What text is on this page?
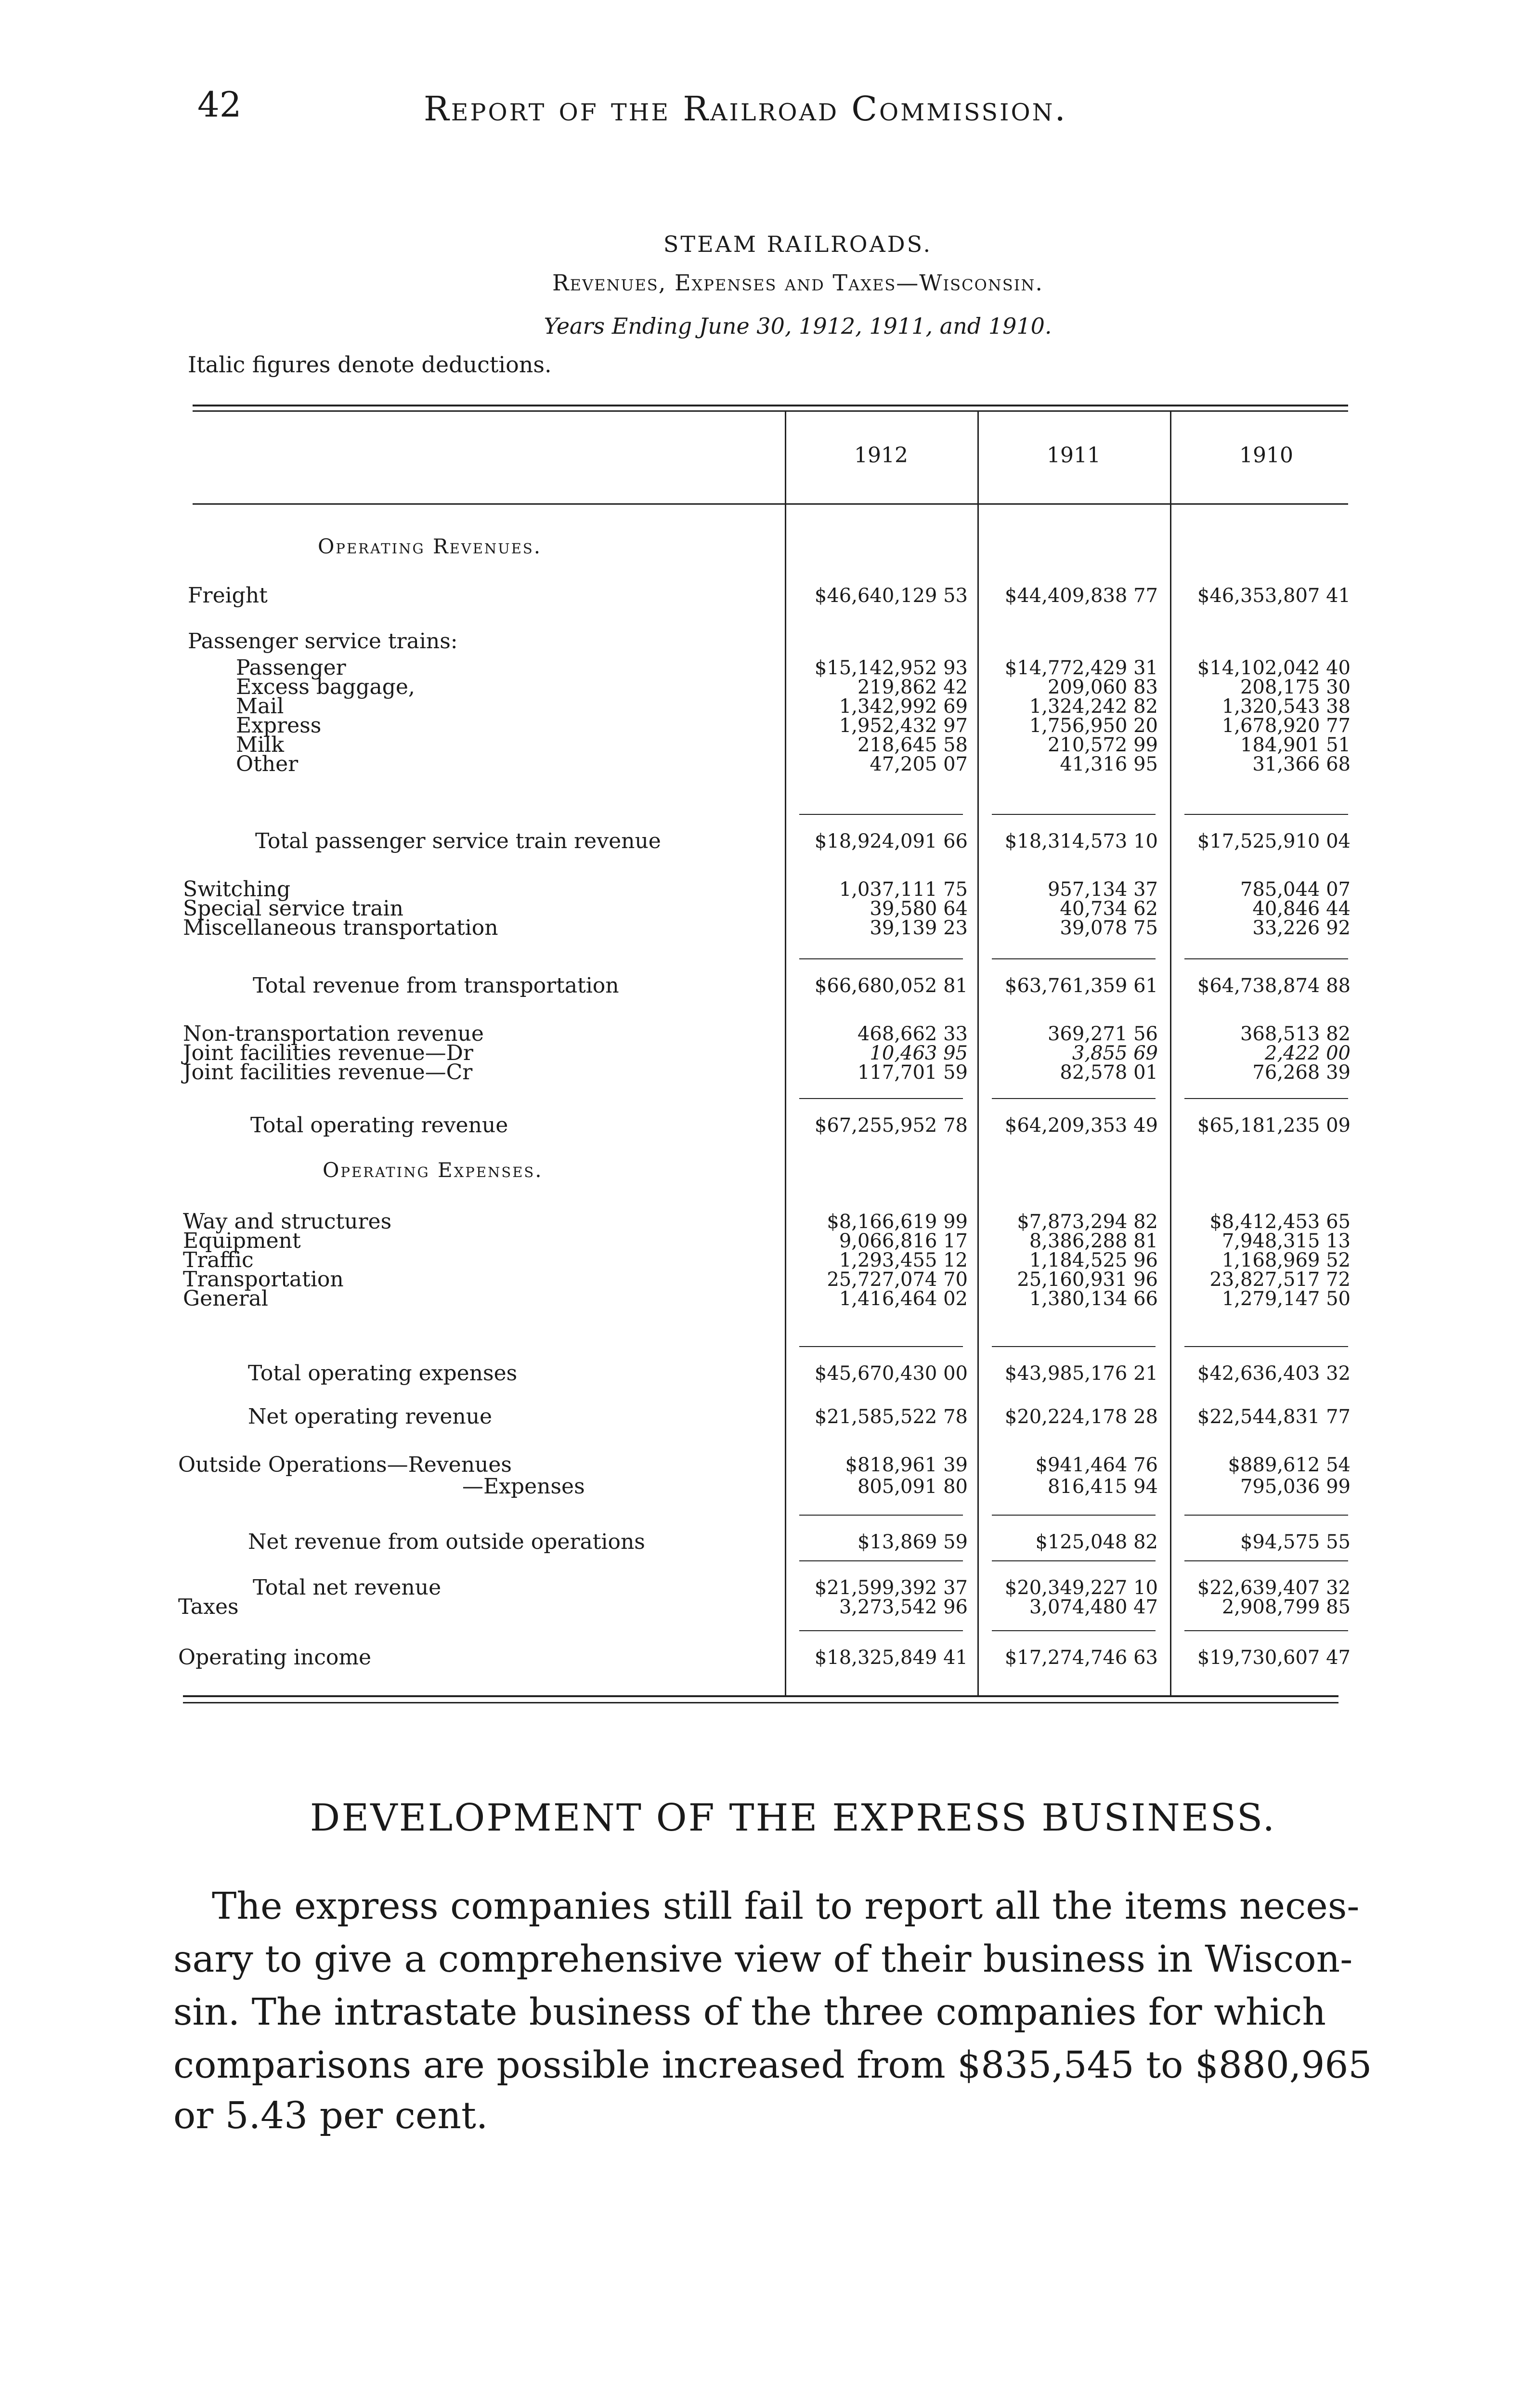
42	Report of the Railroad Commission.
STEAM RAILROADS.
Revenues, Expenses and Taxes—Wisconsin.
Years Ending June 30, 1912, 1911, and 1910.
Italic figures denote deductions.
1912	1911	1910
Operating Revenues.
Operating Expenses.
Passenger service trains:
Freight	$46,640,129 53 $44,409,838 77 $46,353,807 41
Passenger	$15,142,952 93 $14,772,429 31 $14,102,042 40
Excess baggage,	219,862 42	209,060 83	208,175 30
Mail	1,342,992 69	1,324,242 82	1,320,543 38
Express	1,952,432 97	1,756,950 20	1,678,920 77
Milk	218,645 58	210,572 99	184,901 51
Other	47,205 07	41,316 95	31,366 68
Total passenger service train revenue	$18,924,091 66 $18,314,573 10 $17,525,910 04
Switching	1,037,111 75	957,134 37	785,044 07
Special service train	39,580 64	40,734 62	40,846 44
Miscellaneous transportation	39,139 23	39,078 75	33,226 92
Total revenue from transportation	$66,680,052 81 $63,761,359 61 $64,738,874 88
Non-transportation revenue	468,662 33	369,271 56	368,513 82
Joint facilities revenue—Dr	10,463 95	3,855 69	2,422 00
Joint facilities revenue—Cr	117,701 59	82,578 01	76,268 39
Total operating revenue	$67,255,952 78 $64,209,353 49 $65,181,235 09
Way and structures	$8,166,619 99	$7,873,294 82	$8,412,453 65
Equipment	9,066,816 17	8,386,288 81	7,948,315 13
Traffic	1,293,455 12	1,184,525 96	1,168,969 52
Transportation	25,727,074 70	25,160,931 96	23,827,517 72
General	1,416,464 02	1,380,134 66	1,279,147 50
Total operating expenses	$45,670,430 00 $43,985,176 21 $42,636,403 32
Net operating revenue	$21,585,522 78 $20,224,178 28 $22,544,831 77
Outside Operations—Revenues	$818,961 39	$941,464 76	$889,612 54
—Expenses	805,091 80	816,415 94	795,036 99
Net revenue from outside operations	$13,869 59	$125,048 82	$94,575 55
Total net revenue	$21,599,392 37 $20,349,227 10 $22,639,407 32
Taxes	3,273,542 96	3,074,480 47	2,908,799 85
Operating income	$18,325,849 41 $17,274,746 63 $19,730,607 47
DEVELOPMENT OF THE EXPRESS BUSINESS.
The express companies still fail to report all the items neces-
sary to give a comprehensive view of their business in Wiscon-
sin. The intrastate business of the three companies for which
comparisons are possible increased from $835,545 to $880,965
or 5.43 per cent.
